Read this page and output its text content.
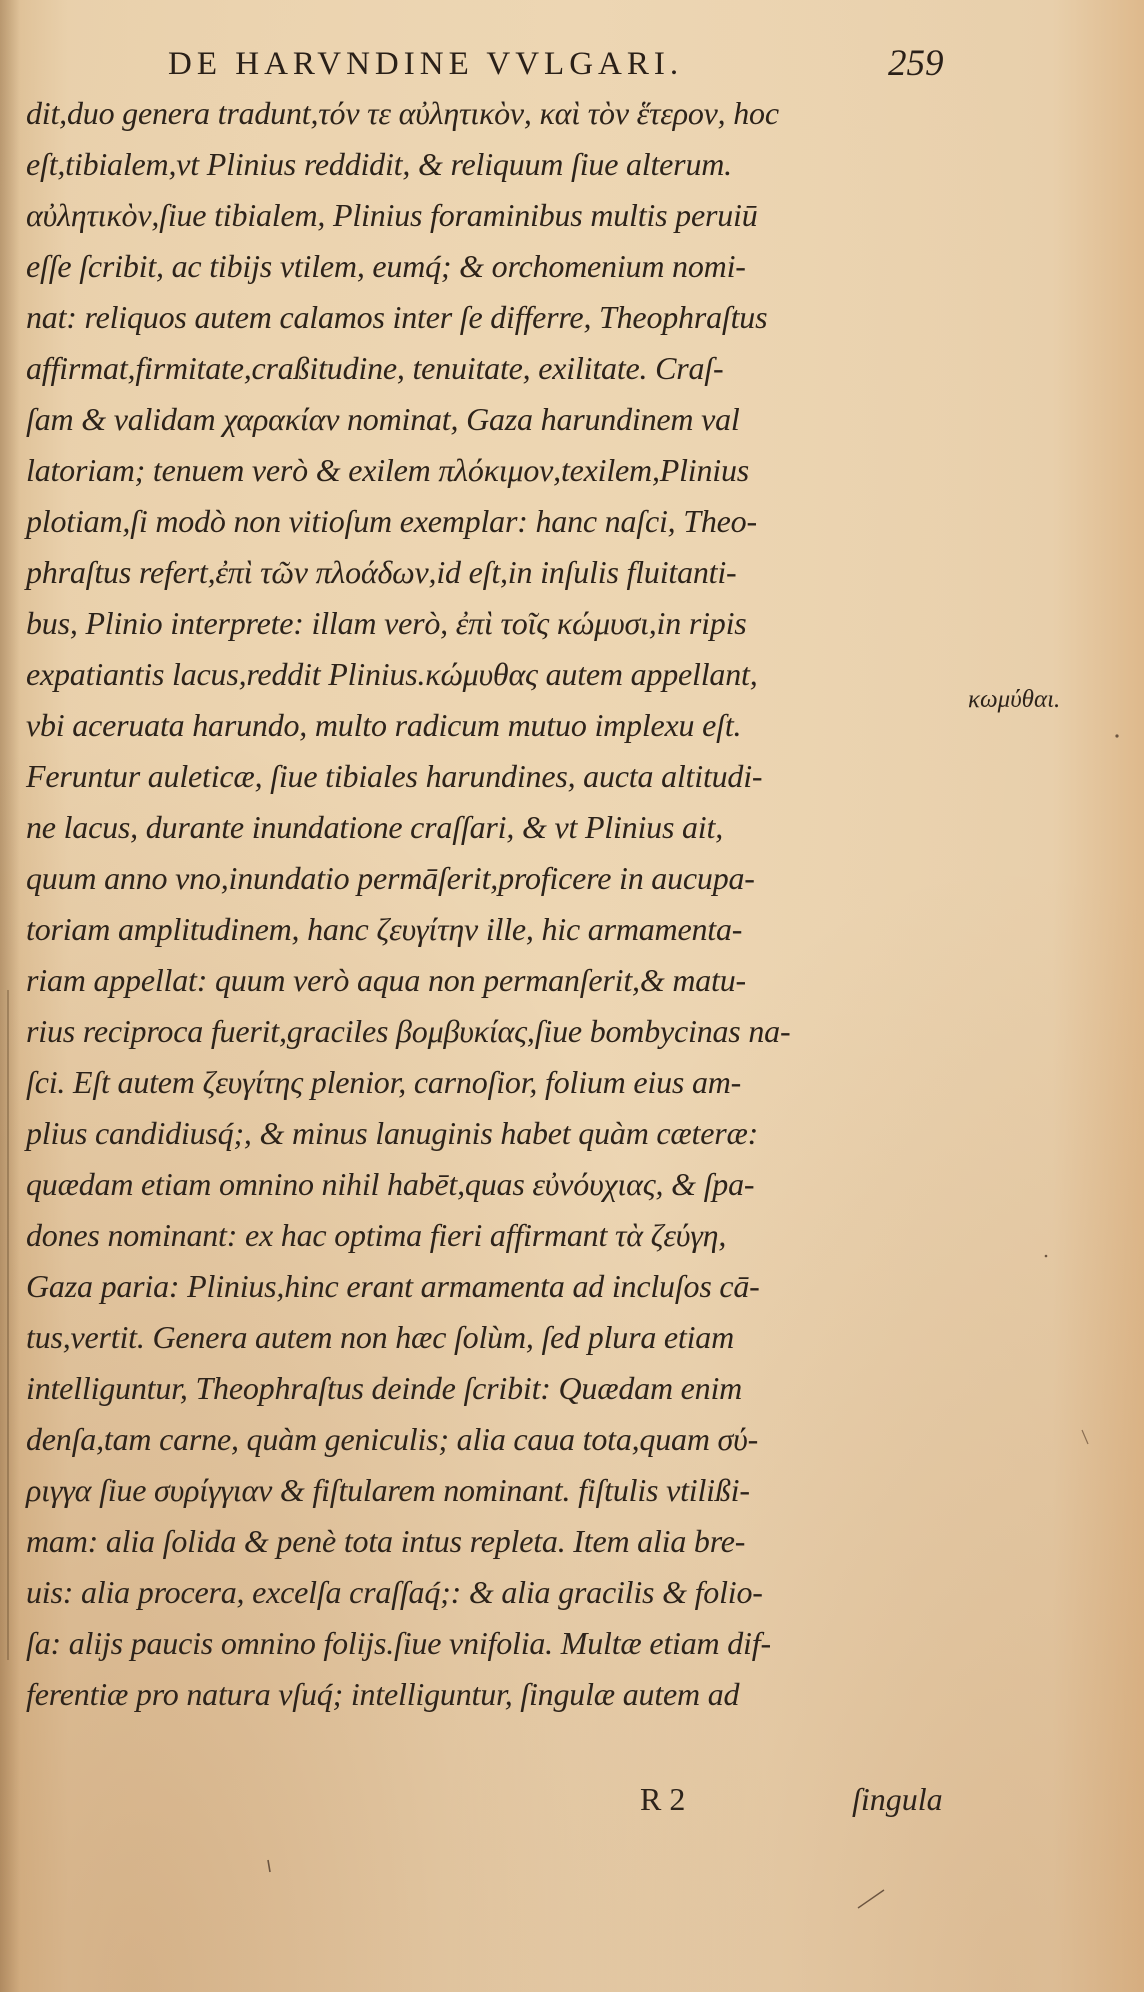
DE HARVNDINE VVLGARI.	259
dit,duo genera tradunt,τόν τε αὐλητικὸν, καὶ τὸν ἕτερον, hoc
eſt,tibialem,vt Plinius reddidit, & reliquum ſiue alterum.
αὐλητικὸν,ſiue tibialem, Plinius foraminibus multis peruiū
eſſe ſcribit, ac tibijs vtilem, eumq́; & orchomenium nomi-
nat: reliquos autem calamos inter ſe differre, Theophraſtus
affirmat,firmitate,craßitudine, tenuitate, exilitate. Craſ-
ſam & validam χαρακίαν nominat, Gaza harundinem val
latoriam; tenuem verò & exilem πλόκιμον,texilem,Plinius
plotiam,ſi modò non vitioſum exemplar: hanc naſci, Theo-
phraſtus refert,ἐπὶ τῶν πλοάδων,id eſt,in inſulis fluitanti-
bus, Plinio interprete: illam verò, ἐπὶ τοῖς κώμυσι,in ripis
expatiantis lacus,reddit Plinius.κώμυθας autem appellant,
vbi aceruata harundo, multo radicum mutuo implexu eſt.
Feruntur auleticæ, ſiue tibiales harundines, aucta altitudi-
ne lacus, durante inundatione craſſari, & vt Plinius ait,
quum anno vno,inundatio permāſerit,proficere in aucupa-
toriam amplitudinem, hanc ζευγίτην ille, hic armamenta-
riam appellat: quum verò aqua non permanſerit,& matu-
rius reciproca fuerit,graciles βομβυκίας,ſiue bombycinas na-
ſci. Eſt autem ζευγίτης plenior, carnoſior, folium eius am-
plius candidiusq́;, & minus lanuginis habet quàm cæteræ:
quædam etiam omnino nihil habēt,quas εὐνόυχιας, & ſpa-
dones nominant: ex hac optima fieri affirmant τὰ ζεύγη,
Gaza paria: Plinius,hinc erant armamenta ad incluſos cā-
tus,vertit. Genera autem non hæc ſolùm, ſed plura etiam
intelliguntur, Theophraſtus deinde ſcribit: Quædam enim
denſa,tam carne, quàm geniculis; alia caua tota,quam σύ-
ριγγα ſiue συρίγγιαν & fiſtularem nominant. fiſtulis vtilißi-
mam: alia ſolida & penè tota intus repleta. Item alia bre-
uis: alia procera, excelſa craſſaq́;: & alia gracilis & folio-
ſa: alijs paucis omnino folijs.ſiue vnifolia. Multæ etiam dif-
ferentiæ pro natura vſuq́; intelliguntur, ſingulæ autem ad
κωμύθαι.
R 2	ſingula
